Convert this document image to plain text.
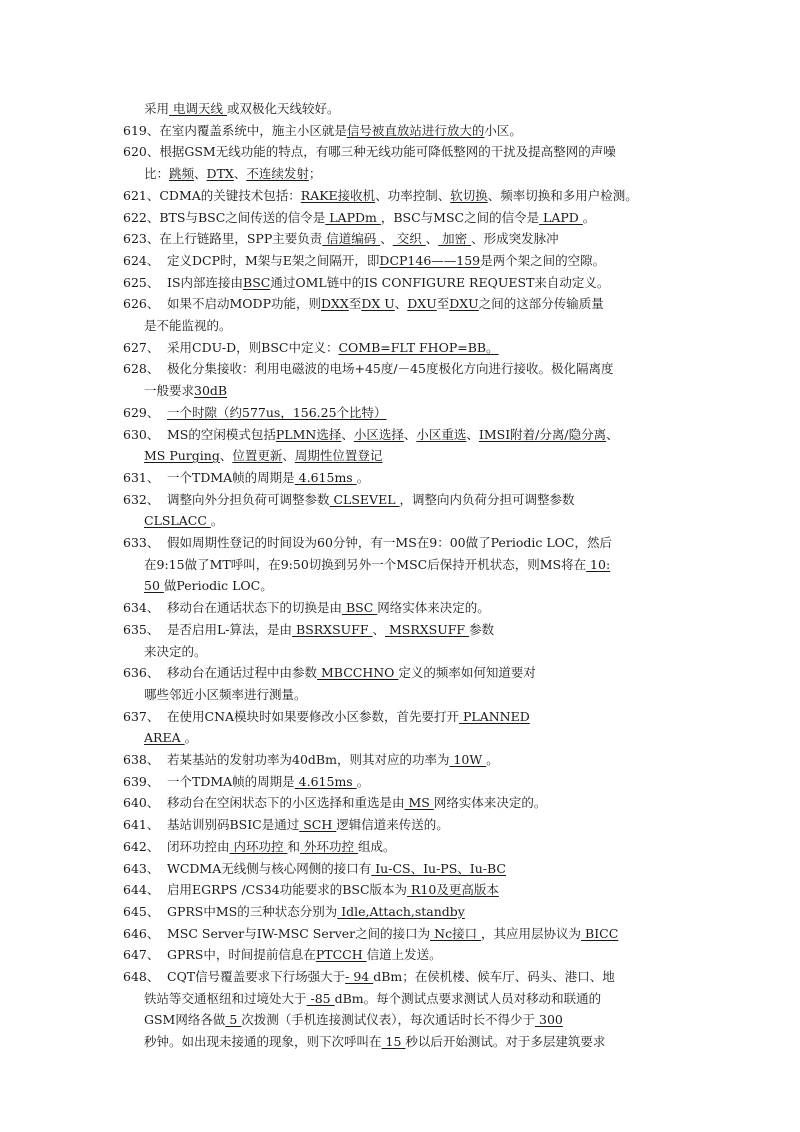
采用 电调天线 或双极化天线较好。
619、在室内覆盖系统中，施主小区就是信号被直放站进行放大的小区。
620、根据GSM无线功能的特点，有哪三种无线功能可降低整网的干扰及提高整网的声噪
比：跳频、DTX、不连续发射；
621、CDMA的关键技术包括：RAKE接收机、功率控制、软切换、频率切换和多用户检测。
622、BTS与BSC之间传送的信令是 LAPDm ，BSC与MSC之间的信令是 LAPD 。
623、在上行链路里，SPP主要负责 信道编码 、 交织 、 加密 、形成突发脉冲
624、 定义DCP时，M架与E架之间隔开，即DCP146——159是两个架之间的空隙。
625、 IS内部连接由BSC通过OML链中的IS CONFIGURE REQUEST来自动定义。
626、 如果不启动MODP功能，则DXX至DX U、DXU至DXU之间的这部分传输质量
是不能监视的。
627、 采用CDU-D，则BSC中定义：COMB=FLT FHOP=BB。
628、 极化分集接收：利用电磁波的电场+45度/－45度极化方向进行接收。极化隔离度
一般要求30dB
629、 一个时隙（约577us，156.25个比特）
630、 MS的空闲模式包括PLMN选择、小区选择、小区重选、IMSI附着/分离/隐分离、
MS Purging、位置更新、周期性位置登记
631、 一个TDMA帧的周期是 4.615ms 。
632、 调整向外分担负荷可调整参数 CLSEVEL ，调整向内负荷分担可调整参数
CLSLACC 。
633、 假如周期性登记的时间设为60分钟，有一MS在9：00做了Periodic LOC，然后
在9:15做了MT呼叫，在9:50切换到另外一个MSC后保持开机状态，则MS将在 10:
50 做Periodic LOC。
634、 移动台在通话状态下的切换是由 BSC 网络实体来决定的。
635、 是否启用L-算法，是由 BSRXSUFF 、 MSRXSUFF 参数
来决定的。
636、 移动台在通话过程中由参数 MBCCHNO 定义的频率如何知道要对
哪些邻近小区频率进行测量。
637、 在使用CNA模块时如果要修改小区参数，首先要打开 PLANNED
AREA 。
638、 若某基站的发射功率为40dBm，则其对应的功率为 10W 。
639、 一个TDMA帧的周期是 4.615ms 。
640、 移动台在空闲状态下的小区选择和重选是由 MS 网络实体来决定的。
641、 基站训别码BSIC是通过 SCH 逻辑信道来传送的。
642、 闭环功控由 内环功控 和 外环功控 组成。
643、 WCDMA无线侧与核心网侧的接口有 Iu-CS、Iu-PS、Iu-BC
644、 启用EGRPS /CS34功能要求的BSC版本为 R10及更高版本
645、 GPRS中MS的三种状态分别为 Idle,Attach,standby
646、 MSC Server与IW-MSC Server之间的接口为 Nc接口 ，其应用层协议为 BICC
647、 GPRS中，时间提前信息在PTCCH 信道上发送。
648、 CQT信号覆盖要求下行场强大于- 94 dBm；在侯机楼、候车厅、码头、港口、地
铁站等交通枢纽和过境处大于 -85 dBm。每个测试点要求测试人员对移动和联通的
GSM网络各做 5 次拨测（手机连接测试仪表），每次通话时长不得少于 300
秒钟。如出现未接通的现象，则下次呼叫在 15 秒以后开始测试。对于多层建筑要求
